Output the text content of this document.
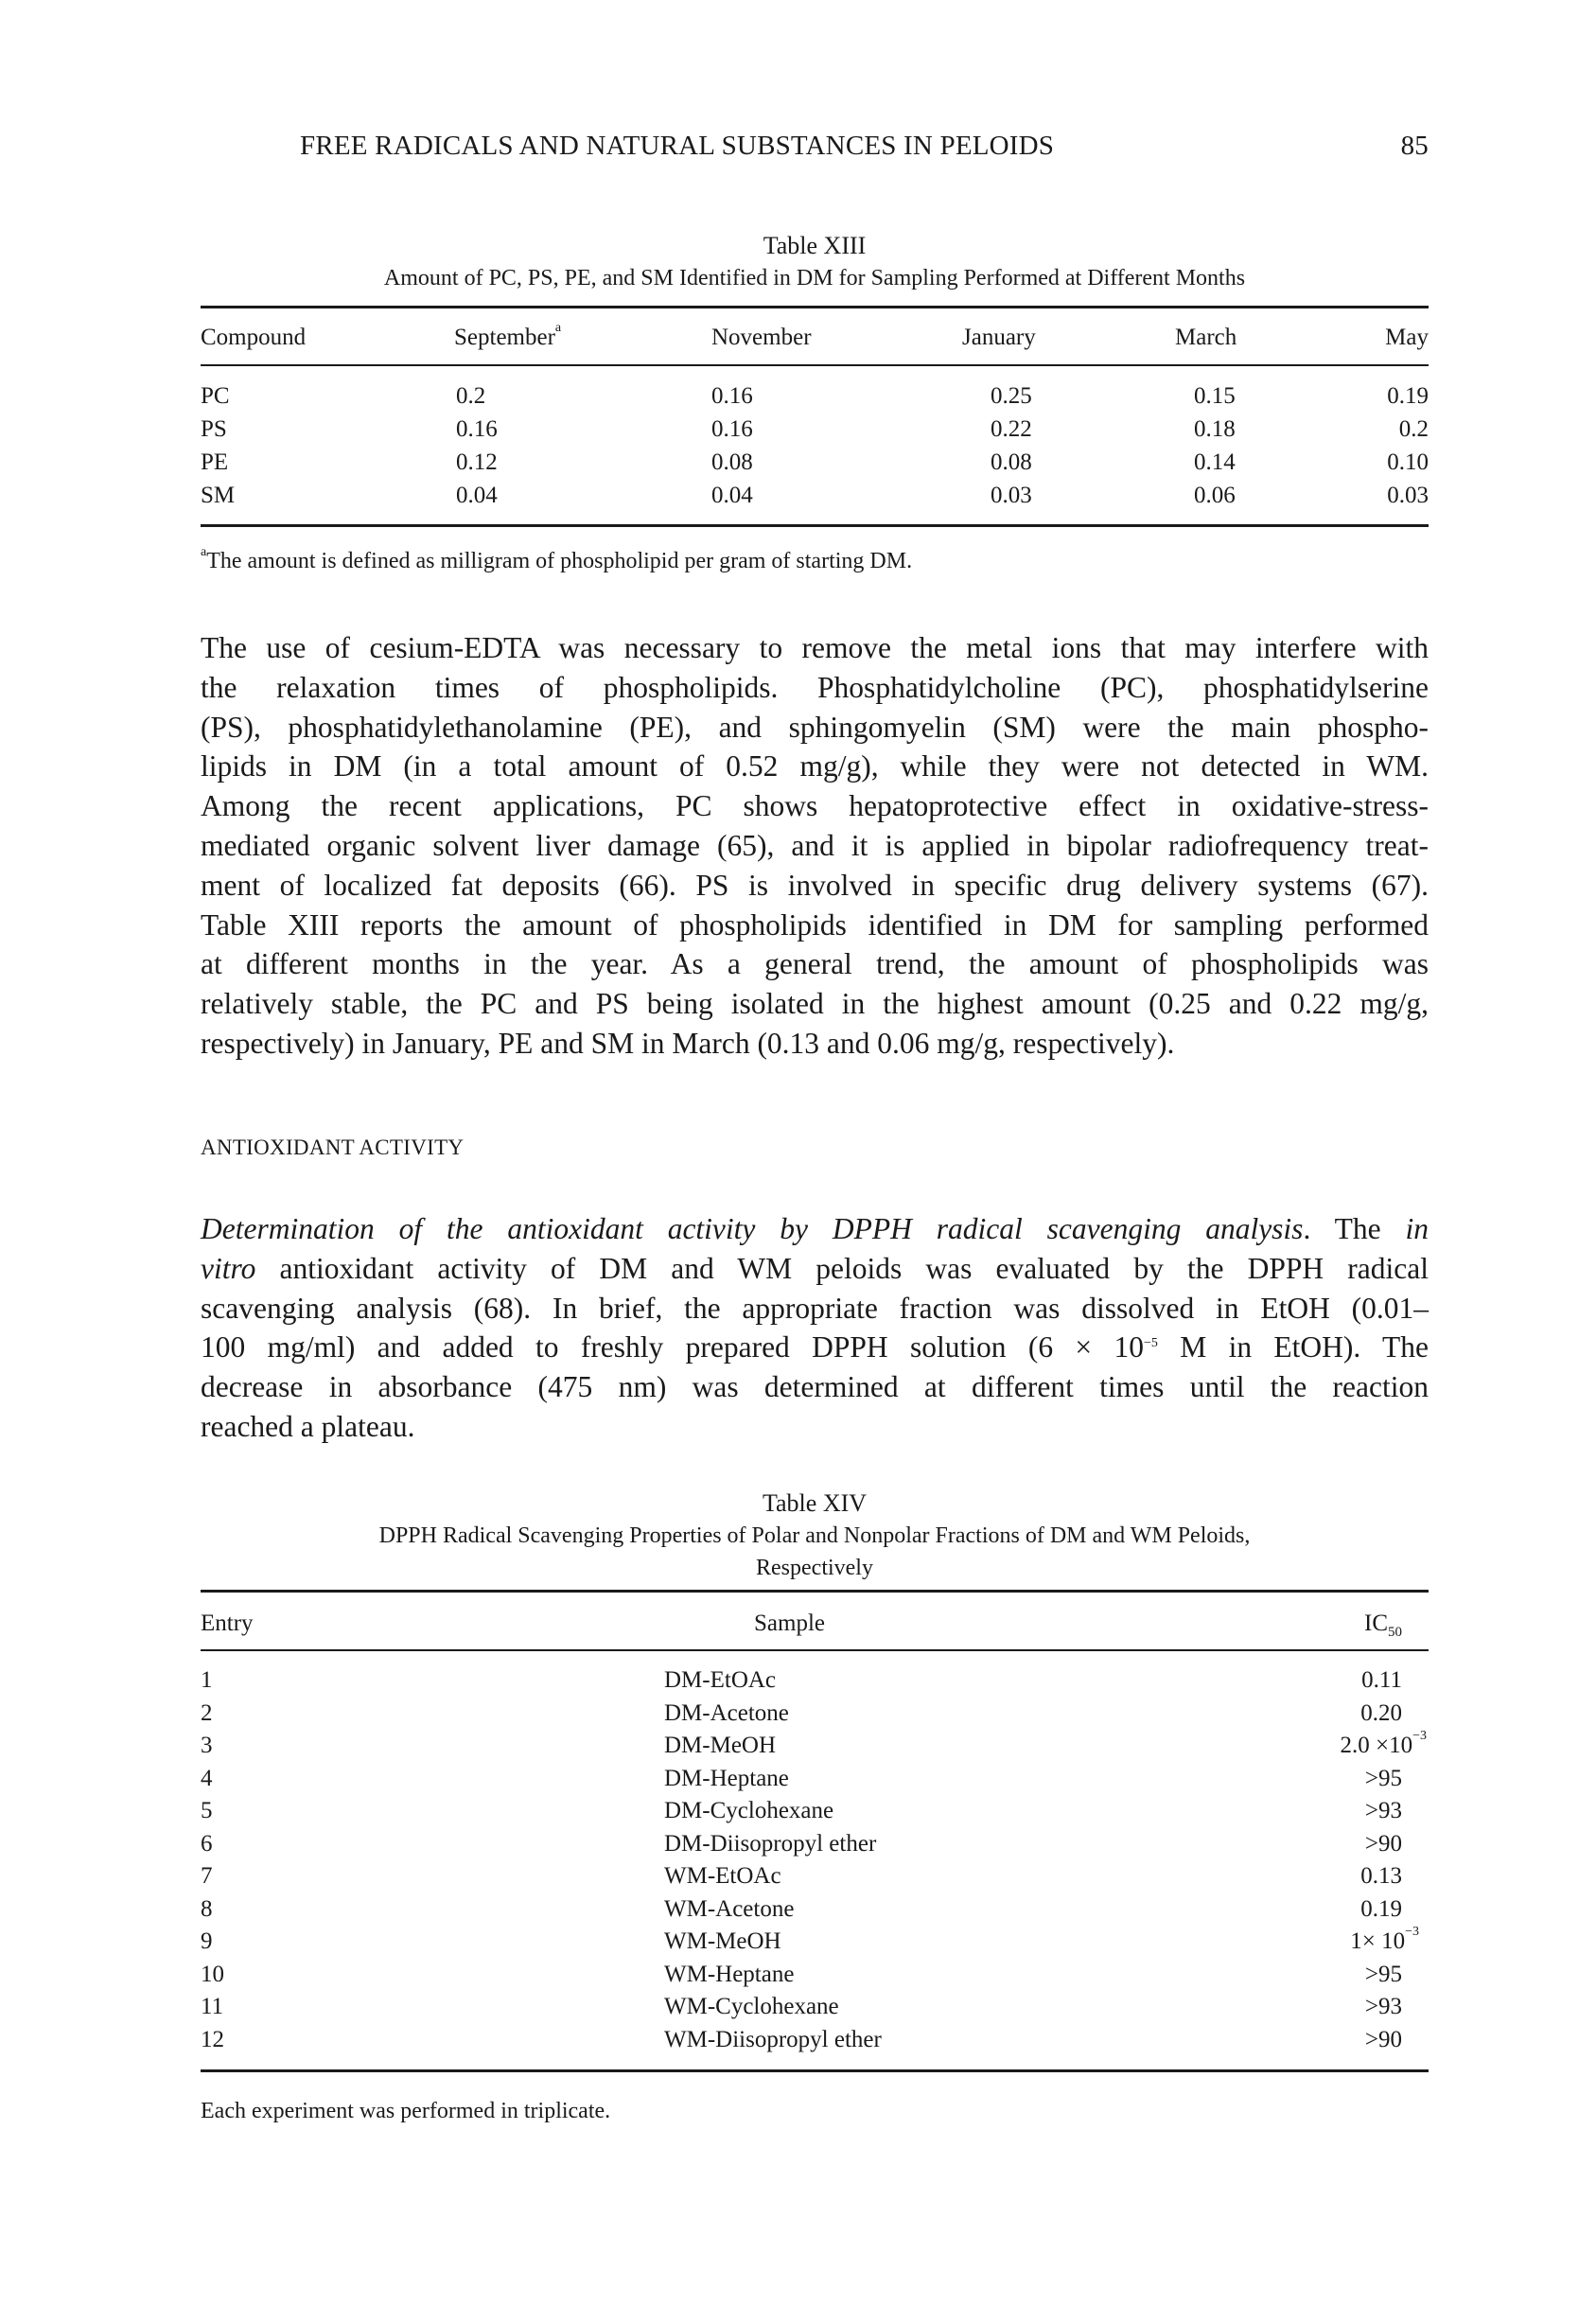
FREE RADICALS AND NATURAL SUBSTANCES IN PELOIDS	85
Table XIII
Amount of PC, PS, PE, and SM Identified in DM for Sampling Performed at Different Months
Compound	September$^a$	November	January	March	May
PC	0.2	0.16	0.25	0.15	0.19
PS	0.16	0.16	0.22	0.18	0.2
PE	0.12	0.08	0.08	0.14	0.10
SM	0.04	0.04	0.03	0.06	0.03
$^a$The amount is defined as milligram of phospholipid per gram of starting DM.
The use of cesium-EDTA was necessary to remove the metal ions that may interfere with
the relaxation times of phospholipids. Phosphatidylcholine (PC), phosphatidylserine
(PS), phosphatidylethanolamine (PE), and sphingomyelin (SM) were the main phospho-
lipids in DM (in a total amount of 0.52 mg/g), while they were not detected in WM.
Among the recent applications, PC shows hepatoprotective effect in oxidative-stress-
mediated organic solvent liver damage (65), and it is applied in bipolar radiofrequency treat-
ment of localized fat deposits (66). PS is involved in specific drug delivery systems (67).
Table XIII reports the amount of phospholipids identified in DM for sampling performed
at different months in the year. As a general trend, the amount of phospholipids was
relatively stable, the PC and PS being isolated in the highest amount (0.25 and 0.22 mg/g,
respectively) in January, PE and SM in March (0.13 and 0.06 mg/g, respectively).
ANTIOXIDANT ACTIVITY
Determination of the antioxidant activity by DPPH radical scavenging analysis. The in
vitro antioxidant activity of DM and WM peloids was evaluated by the DPPH radical
scavenging analysis (68). In brief, the appropriate fraction was dissolved in EtOH (0.01–
100 mg/ml) and added to freshly prepared DPPH solution ($6 \times 10^{-5}$ M in EtOH). The
decrease in absorbance (475 nm) was determined at different times until the reaction
reached a plateau.
Table XIV
DPPH Radical Scavenging Properties of Polar and Nonpolar Fractions of DM and WM Peloids,
Respectively
Entry	Sample	$IC_{50}$
1	DM-EtOAc	0.11
2	DM-Acetone	0.20
3	DM-MeOH	$2.0 \times 10^{-3}$
4	DM-Heptane	>95
5	DM-Cyclohexane	>93
6	DM-Diisopropyl ether	>90
7	WM-EtOAc	0.13
8	WM-Acetone	0.19
9	WM-MeOH	$1\times 10^{-3}$
10	WM-Heptane	>95
11	WM-Cyclohexane	>93
12	WM-Diisopropyl ether	>90
Each experiment was performed in triplicate.
